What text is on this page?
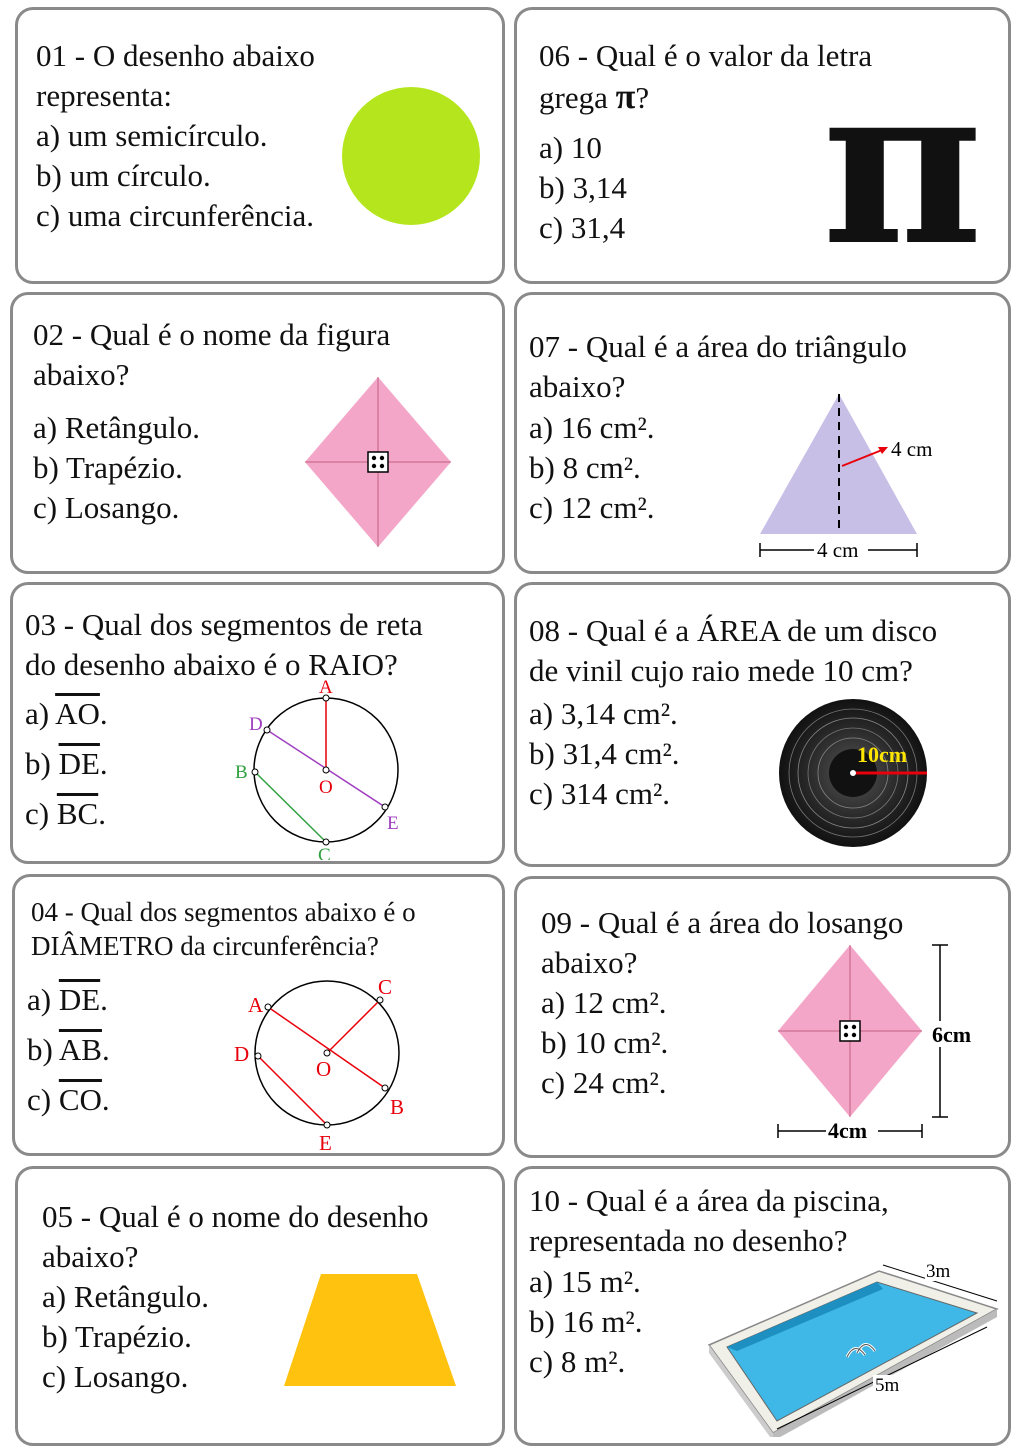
01 - O desenho abaixo
representa:
a) um semicírculo.
b) um círculo.
c) uma circunferência.
06 - Qual é o valor da letra
grega π?
a) 10
b) 3,14
c) 31,4 π
02 - Qual é o nome da figura
abaixo?
a) Retângulo.
b) Trapézio.
c) Losango.
07 - Qual é a área do triângulo
abaixo?
a) 16 cm².
b) 8 cm².
c) 12 cm².
4 cm
4 cm
03 - Qual dos segmentos de reta
do desenho abaixo é o RAIO?
a) $\overline{AO}$.
b) $\overline{DE}$.
c) $\overline{BC}$.
A
O
D
E
B
C
08 - Qual é a ÁREA de um disco
de vinil cujo raio mede 10 cm?
a) 3,14 cm².
b) 31,4 cm².
c) 314 cm².
10cm
04 - Qual dos segmentos abaixo é o
DIÂMETRO da circunferência?
a) $\overline{DE}$.
b) $\overline{AB}$.
c) $\overline{CO}$.
A
C
O
D
B
E
09 - Qual é a área do losango
abaixo?
a) 12 cm².
b) 10 cm².
c) 24 cm².
6cm
4cm
05 - Qual é o nome do desenho
abaixo?
a) Retângulo.
b) Trapézio.
c) Losango.
10 - Qual é a área da piscina,
representada no desenho?
a) 15 m².
b) 16 m².
c) 8 m².
3m
5m
